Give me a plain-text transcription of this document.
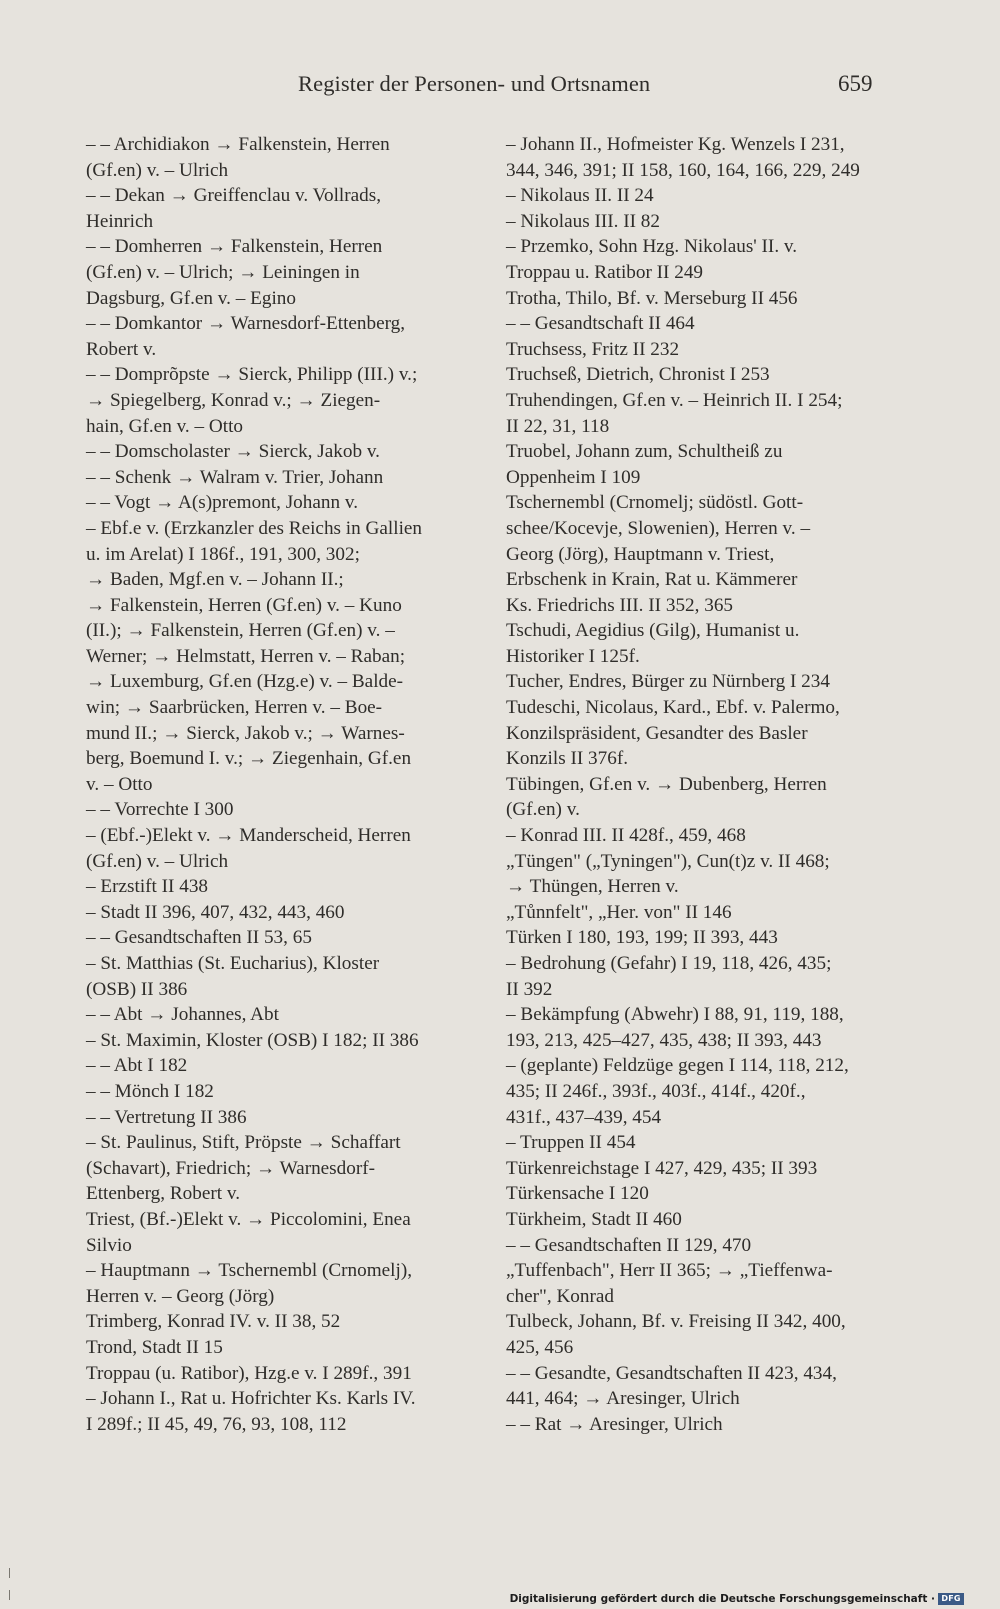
Register der Personen- und Ortsnamen	659
– – Archidiakon → Falkenstein, Herren
(Gf.en) v. – Ulrich
– – Dekan → Greiffenclau v. Vollrads,
Heinrich
– – Domherren → Falkenstein, Herren
(Gf.en) v. – Ulrich; → Leiningen in
Dagsburg, Gf.en v. – Egino
– – Domkantor → Warnesdorf-Ettenberg,
Robert v.
– – Domprõpste → Sierck, Philipp (III.) v.;
→ Spiegelberg, Konrad v.; → Ziegen-
hain, Gf.en v. – Otto
– – Domscholaster → Sierck, Jakob v.
– – Schenk → Walram v. Trier, Johann
– – Vogt → A(s)premont, Johann v.
– Ebf.e v. (Erzkanzler des Reichs in Gallien
u. im Arelat) I 186f., 191, 300, 302;
→ Baden, Mgf.en v. – Johann II.;
→ Falkenstein, Herren (Gf.en) v. – Kuno
(II.); → Falkenstein, Herren (Gf.en) v. –
Werner; → Helmstatt, Herren v. – Raban;
→ Luxemburg, Gf.en (Hzg.e) v. – Balde-
win; → Saarbrücken, Herren v. – Boe-
mund II.; → Sierck, Jakob v.; → Warnes-
berg, Boemund I. v.; → Ziegenhain, Gf.en
v. – Otto
– – Vorrechte I 300
– (Ebf.-)Elekt v. → Manderscheid, Herren
(Gf.en) v. – Ulrich
– Erzstift II 438
– Stadt II 396, 407, 432, 443, 460
– – Gesandtschaften II 53, 65
– St. Matthias (St. Eucharius), Kloster
(OSB) II 386
– – Abt → Johannes, Abt
– St. Maximin, Kloster (OSB) I 182; II 386
– – Abt I 182
– – Mönch I 182
– – Vertretung II 386
– St. Paulinus, Stift, Pröpste → Schaffart
(Schavart), Friedrich; → Warnesdorf-
Ettenberg, Robert v.
Triest, (Bf.-)Elekt v. → Piccolomini, Enea
Silvio
– Hauptmann → Tschernembl (Crnomelj),
Herren v. – Georg (Jörg)
Trimberg, Konrad IV. v. II 38, 52
Trond, Stadt II 15
Troppau (u. Ratibor), Hzg.e v. I 289f., 391
– Johann I., Rat u. Hofrichter Ks. Karls IV.
I 289f.; II 45, 49, 76, 93, 108, 112
– Johann II., Hofmeister Kg. Wenzels I 231,
344, 346, 391; II 158, 160, 164, 166, 229, 249
– Nikolaus II. II 24
– Nikolaus III. II 82
– Przemko, Sohn Hzg. Nikolaus' II. v.
Troppau u. Ratibor II 249
Trotha, Thilo, Bf. v. Merseburg II 456
– – Gesandtschaft II 464
Truchsess, Fritz II 232
Truchseß, Dietrich, Chronist I 253
Truhendingen, Gf.en v. – Heinrich II. I 254;
II 22, 31, 118
Truobel, Johann zum, Schultheiß zu
Oppenheim I 109
Tschernembl (Crnomelj; südöstl. Gott-
schee/Kocevje, Slowenien), Herren v. –
Georg (Jörg), Hauptmann v. Triest,
Erbschenk in Krain, Rat u. Kämmerer
Ks. Friedrichs III. II 352, 365
Tschudi, Aegidius (Gilg), Humanist u.
Historiker I 125f.
Tucher, Endres, Bürger zu Nürnberg I 234
Tudeschi, Nicolaus, Kard., Ebf. v. Palermo,
Konzilspräsident, Gesandter des Basler
Konzils II 376f.
Tübingen, Gf.en v. → Dubenberg, Herren
(Gf.en) v.
– Konrad III. II 428f., 459, 468
„Tüngen" („Tyningen"), Cun(t)z v. II 468;
→ Thüngen, Herren v.
„Tůnnfelt", „Her. von" II 146
Türken I 180, 193, 199; II 393, 443
– Bedrohung (Gefahr) I 19, 118, 426, 435;
II 392
– Bekämpfung (Abwehr) I 88, 91, 119, 188,
193, 213, 425–427, 435, 438; II 393, 443
– (geplante) Feldzüge gegen I 114, 118, 212,
435; II 246f., 393f., 403f., 414f., 420f.,
431f., 437–439, 454
– Truppen II 454
Türkenreichstage I 427, 429, 435; II 393
Türkensache I 120
Türkheim, Stadt II 460
– – Gesandtschaften II 129, 470
„Tuffenbach", Herr II 365; → „Tieffenwa-
cher", Konrad
Tulbeck, Johann, Bf. v. Freising II 342, 400,
425, 456
– – Gesandte, Gesandtschaften II 423, 434,
441, 464; → Aresinger, Ulrich
– – Rat → Aresinger, Ulrich
Digitalisierung gefördert durch die Deutsche Forschungsgemeinschaft · DFG
